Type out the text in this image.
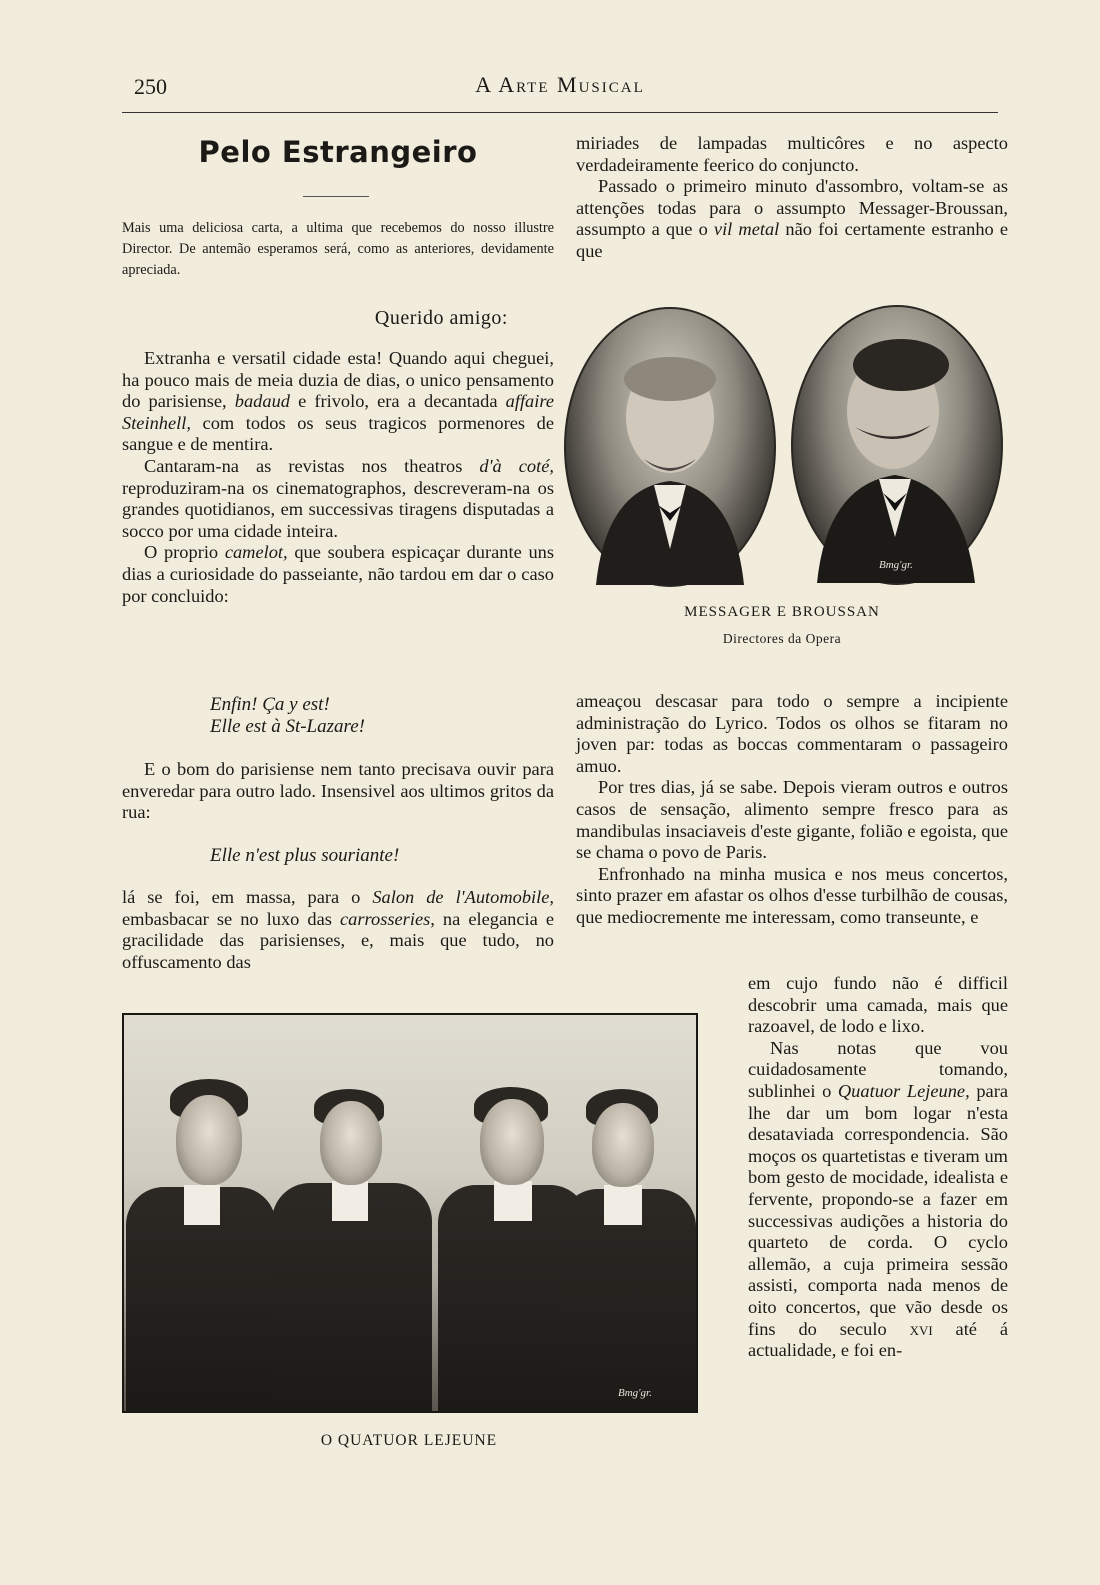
250	A Arte Musical
Pelo Estrangeiro
Mais uma deliciosa carta, a ultima que recebemos do nosso illustre Director. De antemão esperamos será, como as anteriores, devidamente apreciada.
Querido amigo:

Extranha e versatil cidade esta! Quando aqui cheguei, ha pouco mais de meia duzia de dias, o unico pensamento do parisiense, badaud e frivolo, era a decantada affaire Steinhell, com todos os seus tragicos pormenores de sangue e de mentira.

Cantaram-na as revistas nos theatros d'à coté, reproduziram-na os cinematographos, descreveram-na os grandes quotidianos, em successivas tiragens disputadas a socco por uma cidade inteira.

O proprio camelot, que soubera espicaçar durante uns dias a curiosidade do passeiante, não tardou em dar o caso por concluido:

Enfin! Ça y est!
Elle est à St-Lazare!

E o bom do parisiense nem tanto precisava ouvir para enveredar para outro lado. Insensivel aos ultimos gritos da rua:

Elle n'est plus souriante!

lá se foi, em massa, para o Salon de l'Automobile, embasbacar se no luxo das carrosseries, na elegancia e gracilidade das parisienses, e, mais que tudo, no offuscamento das

miriades de lampadas multicôres e no aspecto verdadeiramente feerico do conjuncto.

Passado o primeiro minuto d'assombro, voltam-se as attenções todas para o assumpto Messager-Broussan, assumpto a que o vil metal não foi certamente estranho e que

Bmg'gr.
MESSAGER E BROUSSAN
Directores da Opera

ameaçou descasar para todo o sempre a incipiente administração do Lyrico. Todos os olhos se fitaram no joven par: todas as boccas commentaram o passageiro amuo.

Por tres dias, já se sabe. Depois vieram outros e outros casos de sensação, alimento sempre fresco para as mandibulas insaciaveis d'este gigante, folião e egoista, que se chama o povo de Paris.

Enfronhado na minha musica e nos meus concertos, sinto prazer em afastar os olhos d'esse turbilhão de cousas, que mediocremente me interessam, como transeunte, e

em cujo fundo não é difficil descobrir uma camada, mais que razoavel, de lodo e lixo.

Nas notas que vou cuidadosamente tomando, sublinhei o Quatuor Lejeune, para lhe dar um bom logar n'esta desataviada correspondencia. São moços os quartetistas e tiveram um bom gesto de mocidade, idealista e fervente, propondo-se a fazer em successivas audições a historia do quarteto de corda. O cyclo allemão, a cuja primeira sessão assisti, comporta nada menos de oito concertos, que vão desde os fins do seculo xvi até á actualidade, e foi en-

Bmg'gr.
O QUATUOR LEJEUNE
